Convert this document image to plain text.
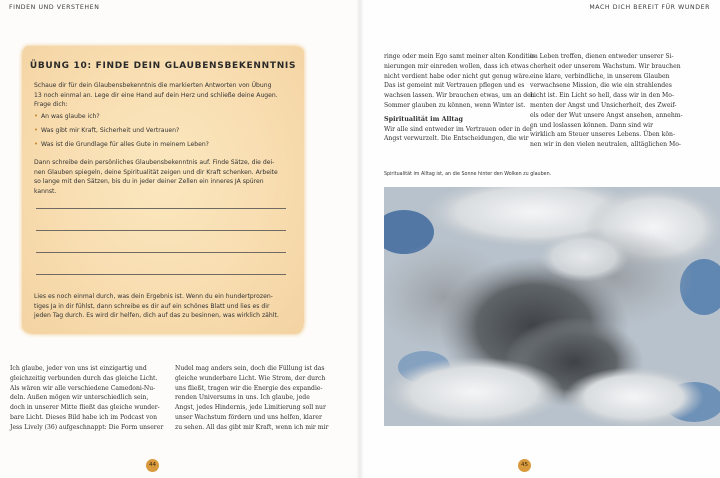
FINDEN UND VERSTEHEN	MACH DICH BEREIT FÜR WUNDER
ÜBUNG 10: FINDE DEIN GLAUBENSBEKENNTNIS
Schaue dir für dein Glaubensbekenntnis die markierten Antworten von Übung
13 noch einmal an. Lege dir eine Hand auf dein Herz und schließe deine Augen.
Frage dich:
• An was glaube ich?
• Was gibt mir Kraft, Sicherheit und Vertrauen?
• Was ist die Grundlage für alles Gute in meinem Leben?
Dann schreibe dein persönliches Glaubensbekenntnis auf. Finde Sätze, die dei-
nen Glauben spiegeln, deine Spiritualität zeigen und dir Kraft schenken. Arbeite
so lange mit den Sätzen, bis du in jeder deiner Zellen ein inneres JA spüren
kannst.
Lies es noch einmal durch, was dein Ergebnis ist. Wenn du ein hundertprozen-
tiges Ja in dir fühlst, dann schreibe es dir auf ein schönes Blatt und lies es dir
jeden Tag durch. Es wird dir helfen, dich auf das zu besinnen, was wirklich zählt.
Ich glaube, jeder von uns ist einzigartig und
gleichzeitig verbunden durch das gleiche Licht.
Als wären wir alle verschiedene Cameđoni-Nu-
deln. Außen mögen wir unterschiedlich sein,
doch in unserer Mitte fließt das gleiche wunder-
bare Licht. Dieses Bild habe ich im Podcast von
Jess Lively (36) aufgeschnappt: Die Form unserer
Nudel mag anders sein, doch die Füllung ist das
gleiche wunderbare Licht. Wie Strom, der durch
uns fließt, tragen wir die Energie des expandie-
renden Universums in uns. Ich glaube, jede
Angst, jedes Hindernis, jede Limitierung soll nur
unser Wachstum fördern und uns helfen, klarer
zu sehen. All das gibt mir Kraft, wenn ich mir mir
ringe oder mein Ego samt meiner alten Konditio-
nierungen mir einreden wollen, dass ich etwas
nicht verdient habe oder nicht gut genug wäre.
Das ist gemeint mit Vertrauen pflegen und es
wachsen lassen. Wir brauchen etwas, um an den
Sommer glauben zu können, wenn Winter ist.
Spiritualität im Alltag
Wir alle sind entweder im Vertrauen oder in der
Angst verwurzelt. Die Entscheidungen, die wir
im Leben treffen, dienen entweder unserer Si-
cherheit oder unserem Wachstum. Wir brauchen
eine klare, verbindliche, in unserem Glauben
verwachsene Mission, die wie ein strahlendes
Licht ist. Ein Licht so hell, dass wir in den Mo-
menten der Angst und Unsicherheit, des Zweif-
els oder der Wut unsere Angst ansehen, annehm-
en und loslassen können. Dann sind wir
wirklich am Steuer unseres Lebens. Üben kön-
nen wir in den vielen neutralen, alltäglichen Mo-
Spiritualität im Alltag ist, an die Sonne hinter den Wolken zu glauben.
44	45
